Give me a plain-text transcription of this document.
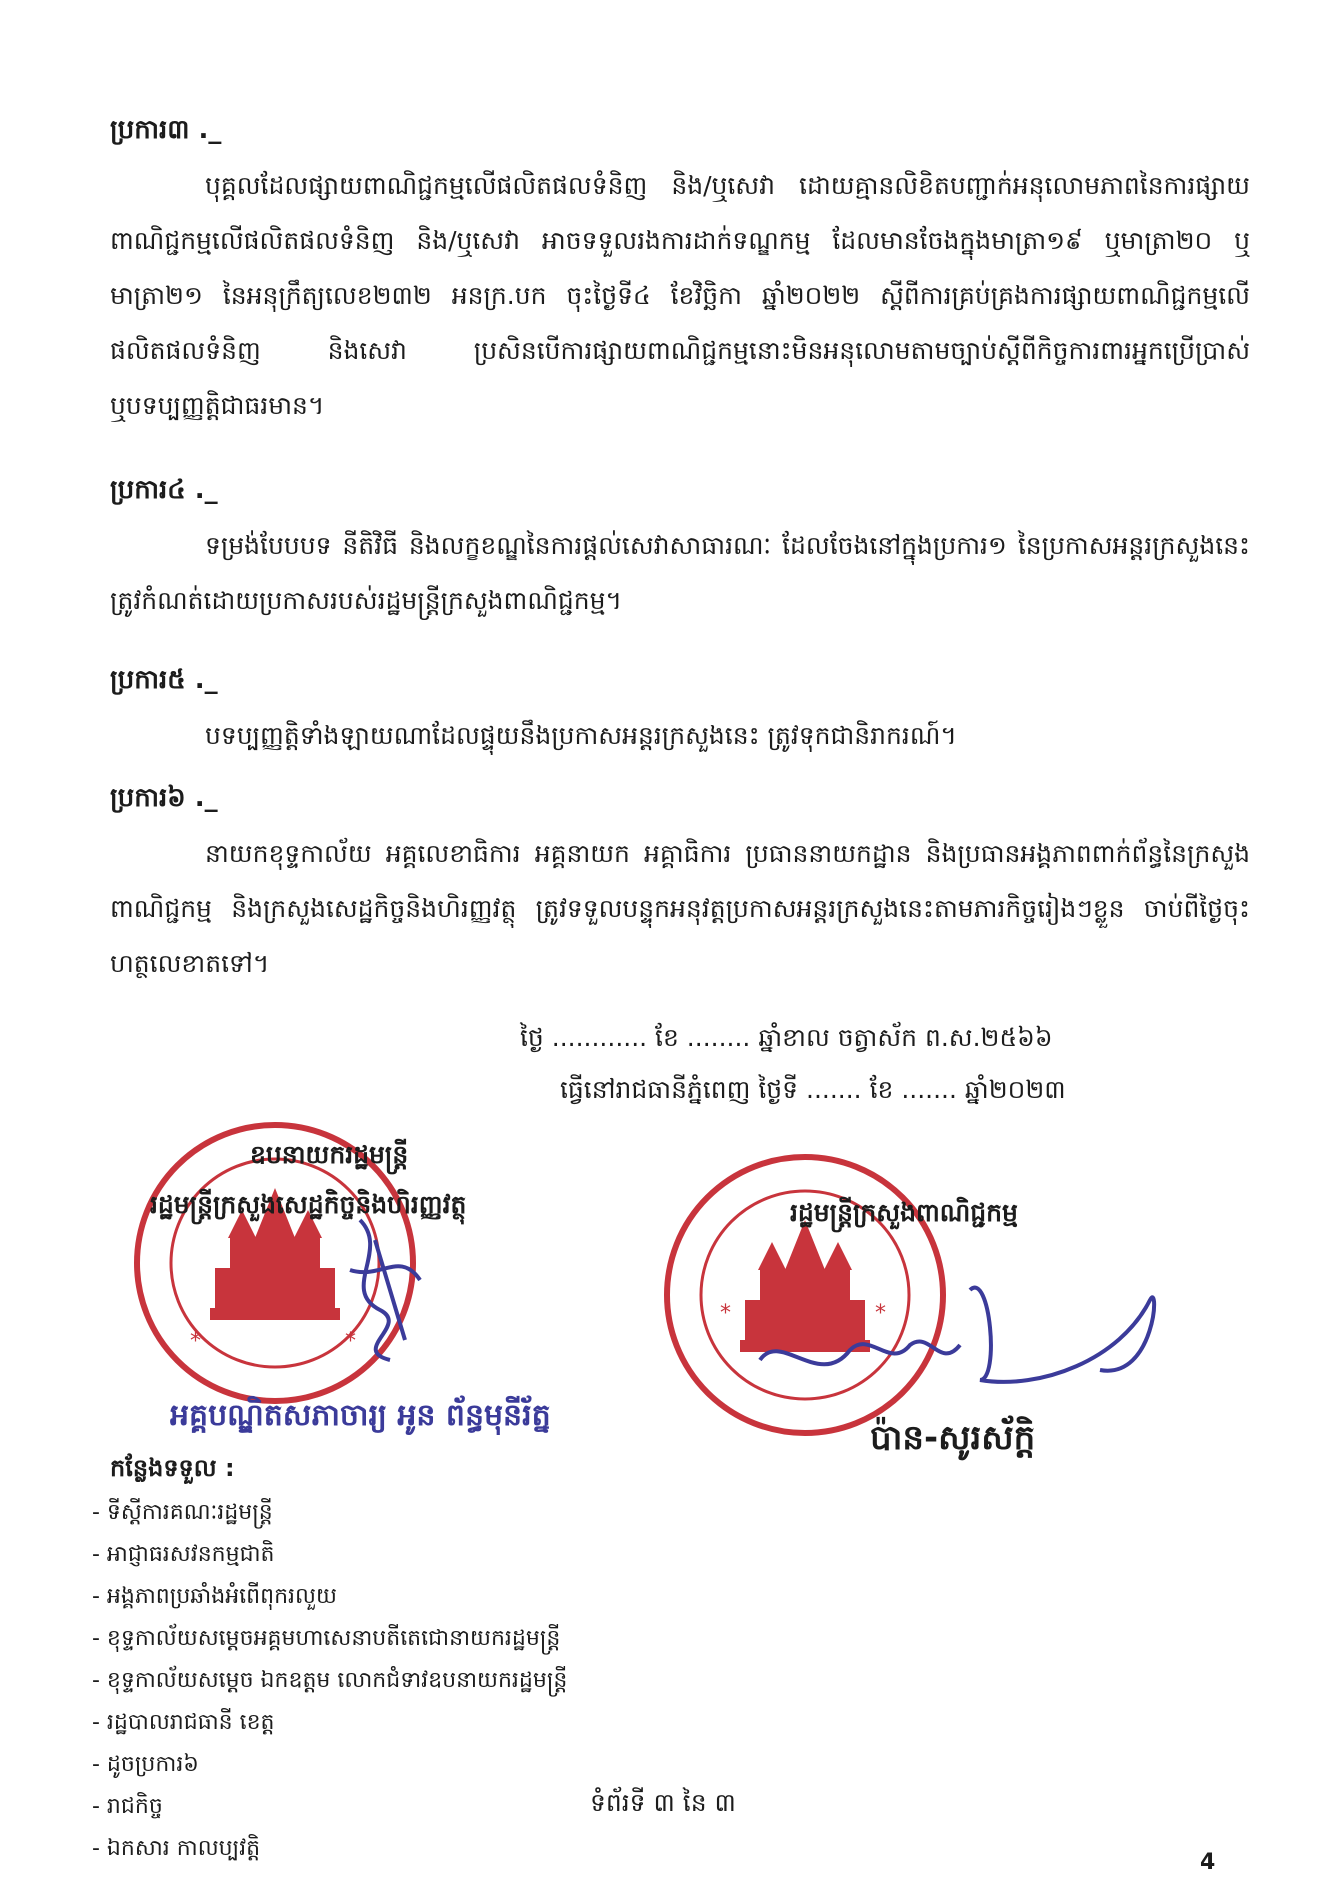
ប្រការ៣ ._

បុគ្គលដែលផ្សាយពាណិជ្ជកម្មលើផលិតផលទំនិញ និង/ឬសេវា ដោយគ្មានលិខិតបញ្ជាក់អនុលោមភាពនៃការផ្សាយពាណិជ្ជកម្មលើផលិតផលទំនិញ និង/ឬសេវា អាចទទួលរងការដាក់ទណ្ឌកម្ម ដែលមានចែងក្នុងមាត្រា១៩ ឬមាត្រា២០ ឬមាត្រា២១ នៃអនុក្រឹត្យលេខ២៣២ អនក្រ.បក ចុះថ្ងៃទី៤ ខែវិច្ឆិកា ឆ្នាំ២០២២ ស្តីពីការគ្រប់គ្រងការផ្សាយពាណិជ្ជកម្មលើផលិតផលទំនិញ និងសេវា ប្រសិនបើការផ្សាយពាណិជ្ជកម្មនោះមិនអនុលោមតាមច្បាប់ស្តីពីកិច្ចការពារអ្នកប្រើប្រាស់ ឬបទប្បញ្ញត្តិជាធរមាន។

ប្រការ៤ ._

ទម្រង់បែបបទ នីតិវិធី និងលក្ខខណ្ឌនៃការផ្តល់សេវាសាធារណៈ ដែលចែងនៅក្នុងប្រការ១ នៃប្រកាសអន្តរក្រសួងនេះ ត្រូវកំណត់ដោយប្រកាសរបស់រដ្ឋមន្ត្រីក្រសួងពាណិជ្ជកម្ម។

ប្រការ៥ ._

បទប្បញ្ញត្តិទាំងឡាយណាដែលផ្ទុយនឹងប្រកាសអន្តរក្រសួងនេះ ត្រូវទុកជានិរាករណ៍។

ប្រការ៦ ._

នាយកខុទ្ទកាល័យ អគ្គលេខាធិការ អគ្គនាយក អគ្គាធិការ ប្រធាននាយកដ្ឋាន និងប្រធានអង្គភាពពាក់ព័ន្ធនៃក្រសួងពាណិជ្ជកម្ម និងក្រសួងសេដ្ឋកិច្ចនិងហិរញ្ញវត្ថុ ត្រូវទទួលបន្ទុកអនុវត្តប្រកាសអន្តរក្រសួងនេះតាមភារកិច្ចរៀងៗខ្លួន ចាប់ពីថ្ងៃចុះហត្ថលេខាតទៅ។

ថ្ងៃ ............ ខែ ........ ឆ្នាំខាល ចត្វាស័ក ព.ស.២៥៦៦
ធ្វើនៅរាជធានីភ្នំពេញ ថ្ងៃទី ....... ខែ ....... ឆ្នាំ២០២៣
*	*
ឧបនាយករដ្ឋមន្ត្រី
រដ្ឋមន្ត្រីក្រសួងសេដ្ឋកិច្ចនិងហិរញ្ញវត្ថុ
អគ្គបណ្ឌិតសភាចារ្យ អូន ព័ន្ធមុនីរ័ត្ន
*	*
រដ្ឋមន្ត្រីក្រសួងពាណិជ្ជកម្ម
ប៉ាន-សូរស័ក្តិ

កន្លែងទទួល :

- ទីស្តីការគណៈរដ្ឋមន្ត្រី

- អាជ្ញាធរសវនកម្មជាតិ

- អង្គភាពប្រឆាំងអំពើពុករលួយ

- ខុទ្ទកាល័យសម្តេចអគ្គមហាសេនាបតីតេជោនាយករដ្ឋមន្ត្រី

- ខុទ្ទកាល័យសម្តេច ឯកឧត្តម លោកជំទាវឧបនាយករដ្ឋមន្ត្រី

- រដ្ឋបាលរាជធានី ខេត្ត

- ដូចប្រការ៦

- រាជកិច្ច

- ឯកសារ កាលប្បវត្តិ

ទំព័រទី ៣ នៃ ៣
4
